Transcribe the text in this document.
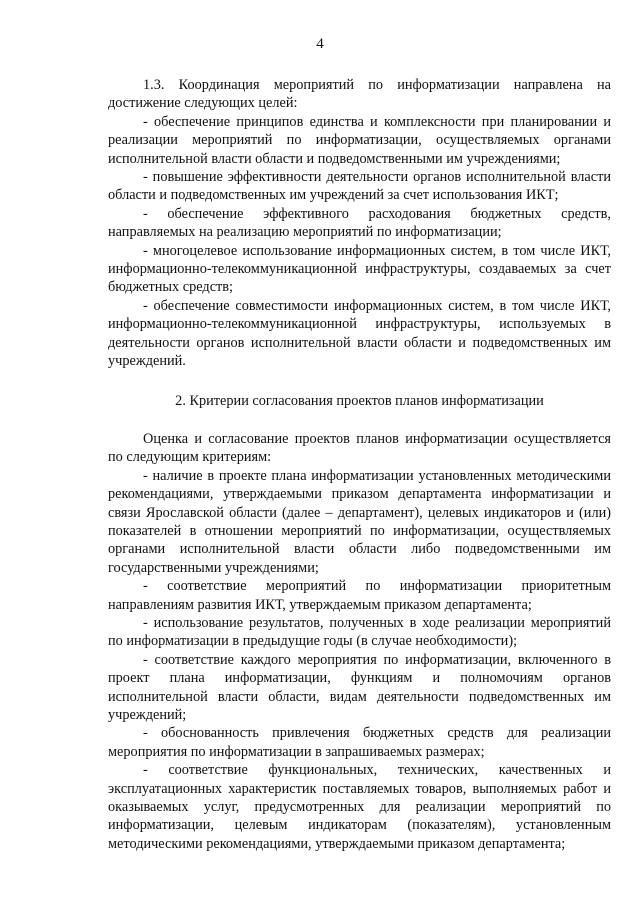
4

1.3. Координация мероприятий по информатизации направлена на достижение следующих целей:

- обеспечение принципов единства и комплексности при планировании и реализации мероприятий по информатизации, осуществляемых органами исполнительной власти области и подведомственными им учреждениями;

- повышение эффективности деятельности органов исполнительной власти области и подведомственных им учреждений за счет использования ИКТ;

- обеспечение эффективного расходования бюджетных средств, направляемых на реализацию мероприятий по информатизации;

- многоцелевое использование информационных систем, в том числе ИКТ, информационно-телекоммуникационной инфраструктуры, создаваемых за счет бюджетных средств;

- обеспечение совместимости информационных систем, в том числе ИКТ, информационно-телекоммуникационной инфраструктуры, используемых в деятельности органов исполнительной власти области и подведомственных им учреждений.

2. Критерии согласования проектов планов информатизации

Оценка и согласование проектов планов информатизации осуществляется по следующим критериям:

- наличие в проекте плана информатизации установленных методическими рекомендациями, утверждаемыми приказом департамента информатизации и связи Ярославской области (далее – департамент), целевых индикаторов и (или) показателей в отношении мероприятий по информатизации, осуществляемых органами исполнительной власти области либо подведомственными им государственными учреждениями;

- соответствие мероприятий по информатизации приоритетным направлениям развития ИКТ, утверждаемым приказом департамента;

- использование результатов, полученных в ходе реализации мероприятий по информатизации в предыдущие годы (в случае необходимости);

- соответствие каждого мероприятия по информатизации, включенного в проект плана информатизации, функциям и полномочиям органов исполнительной власти области, видам деятельности подведомственных им учреждений;

- обоснованность привлечения бюджетных средств для реализации мероприятия по информатизации в запрашиваемых размерах;

- соответствие функциональных, технических, качественных и эксплуатационных характеристик поставляемых товаров, выполняемых работ и оказываемых услуг, предусмотренных для реализации мероприятий по информатизации, целевым индикаторам (показателям), установленным методическими рекомендациями, утверждаемыми приказом департамента;
